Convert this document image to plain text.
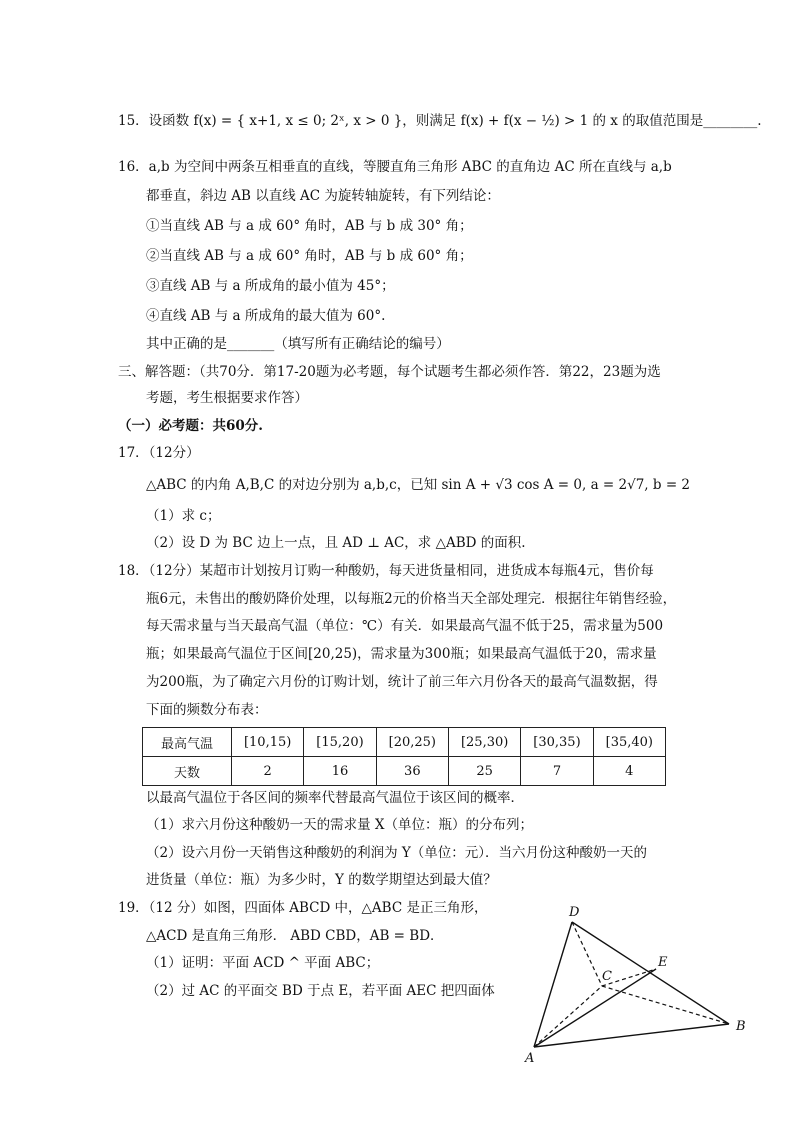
15．设函数 f(x) = { x+1, x ≤ 0; 2ˣ, x > 0 }，则满足 f(x) + f(x − ½) > 1 的 x 的取值范围是________.
16．a,b 为空间中两条互相垂直的直线，等腰直角三角形 ABC 的直角边 AC 所在直线与 a,b
都垂直，斜边 AB 以直线 AC 为旋转轴旋转，有下列结论：
①当直线 AB 与 a 成 60° 角时，AB 与 b 成 30° 角；
②当直线 AB 与 a 成 60° 角时，AB 与 b 成 60° 角；
③直线 AB 与 a 所成角的最小值为 45°；
④直线 AB 与 a 所成角的最大值为 60°.
其中正确的是_______（填写所有正确结论的编号）
三、解答题：（共70分．第17-20题为必考题，每个试题考生都必须作答．第22，23题为选
考题，考生根据要求作答）
（一）必考题：共60分.
17．（12分）
△ABC 的内角 A,B,C 的对边分别为 a,b,c，已知 sin A + √3 cos A = 0, a = 2√7, b = 2
（1）求 c；
（2）设 D 为 BC 边上一点，且 AD ⊥ AC，求 △ABD 的面积.
18．（12分）某超市计划按月订购一种酸奶，每天进货量相同，进货成本每瓶4元，售价每
瓶6元，未售出的酸奶降价处理，以每瓶2元的价格当天全部处理完．根据往年销售经验，
每天需求量与当天最高气温（单位：℃）有关．如果最高气温不低于25，需求量为500
瓶；如果最高气温位于区间[20,25)，需求量为300瓶；如果最高气温低于20，需求量
为200瓶，为了确定六月份的订购计划，统计了前三年六月份各天的最高气温数据，得
下面的频数分布表：
最高气温	[10,15)	[15,20)	[20,25)	[25,30)	[30,35)	[35,40)
天数	2	16	36	25	7	4
以最高气温位于各区间的频率代替最高气温位于该区间的概率．
（1）求六月份这种酸奶一天的需求量 X（单位：瓶）的分布列；
（2）设六月份一天销售这种酸奶的利润为 Y（单位：元）．当六月份这种酸奶一天的
进货量（单位：瓶）为多少时，Y 的数学期望达到最大值？
19．（12 分）如图，四面体 ABCD 中，△ABC 是正三角形，
△ACD 是直角三角形． ABD CBD，AB = BD．
（1）证明：平面 ACD ^ 平面 ABC；
（2）过 AC 的平面交 BD 于点 E，若平面 AEC 把四面体
D
A
B
C
E
